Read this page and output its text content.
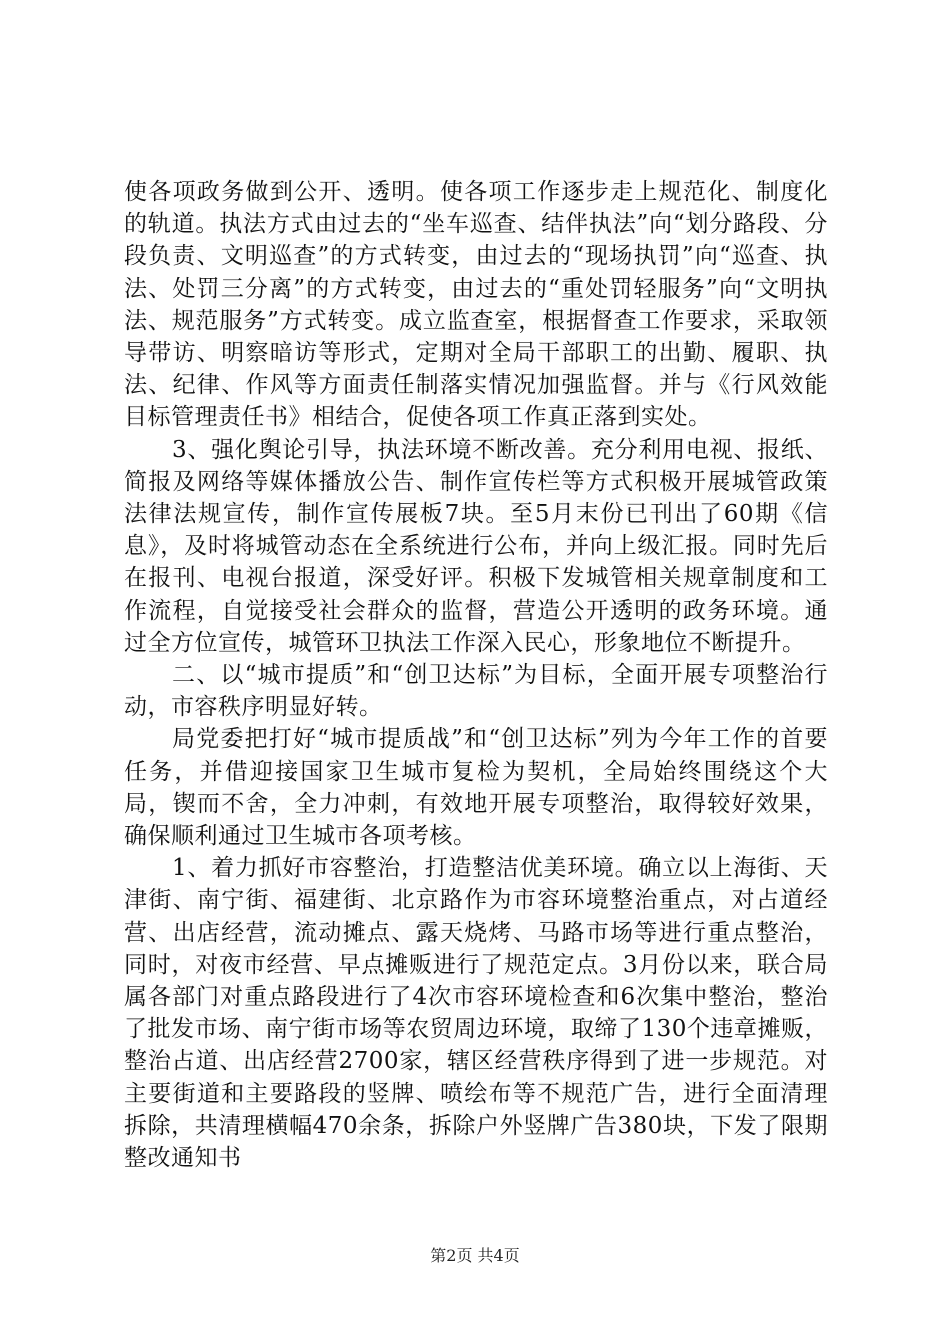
使各项政务做到公开、透明。使各项工作逐步走上规范化、制度化的轨道。执法方式由过去的“坐车巡查、结伴执法”向“划分路段、分段负责、文明巡查”的方式转变，由过去的“现场执罚”向“巡查、执法、处罚三分离”的方式转变，由过去的“重处罚轻服务”向“文明执法、规范服务”方式转变。成立监查室，根据督查工作要求，采取领导带访、明察暗访等形式，定期对全局干部职工的出勤、履职、执法、纪律、作风等方面责任制落实情况加强监督。并与《行风效能目标管理责任书》相结合，促使各项工作真正落到实处。

3、强化舆论引导，执法环境不断改善。充分利用电视、报纸、简报及网络等媒体播放公告、制作宣传栏等方式积极开展城管政策法律法规宣传，制作宣传展板7块。至5月末份已刊出了60期《信息》，及时将城管动态在全系统进行公布，并向上级汇报。同时先后在报刊、电视台报道，深受好评。积极下发城管相关规章制度和工作流程，自觉接受社会群众的监督，营造公开透明的政务环境。通过全方位宣传，城管环卫执法工作深入民心，形象地位不断提升。

二、以“城市提质”和“创卫达标”为目标，全面开展专项整治行动，市容秩序明显好转。

局党委把打好“城市提质战”和“创卫达标”列为今年工作的首要任务，并借迎接国家卫生城市复检为契机，全局始终围绕这个大局，锲而不舍，全力冲刺，有效地开展专项整治，取得较好效果，确保顺利通过卫生城市各项考核。

1、着力抓好市容整治，打造整洁优美环境。确立以上海街、天津街、南宁街、福建街、北京路作为市容环境整治重点，对占道经营、出店经营，流动摊点、露天烧烤、马路市场等进行重点整治，同时，对夜市经营、早点摊贩进行了规范定点。3月份以来，联合局属各部门对重点路段进行了4次市容环境检查和6次集中整治，整治了批发市场、南宁街市场等农贸周边环境，取缔了130个违章摊贩，整治占道、出店经营2700家，辖区经营秩序得到了进一步规范。对主要街道和主要路段的竖牌、喷绘布等不规范广告，进行全面清理拆除，共清理横幅470余条，拆除户外竖牌广告380块，下发了限期整改通知书

第2页 共4页
